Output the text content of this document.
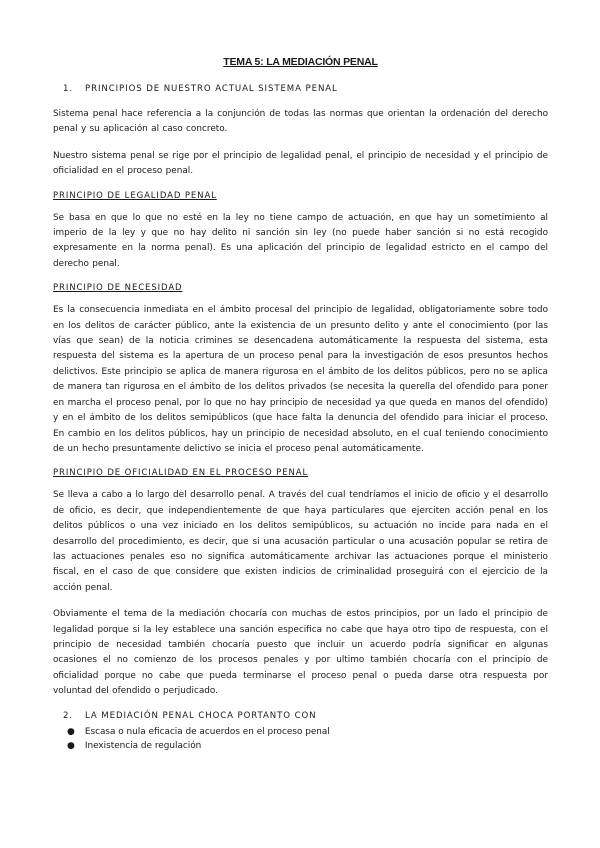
TEMA 5: LA MEDIACIÓN PENAL
1. PRINCIPIOS DE NUESTRO ACTUAL SISTEMA PENAL

Sistema penal hace referencia a la conjunción de todas las normas que orientan la ordenación del derecho penal y su aplicación al caso concreto.

Nuestro sistema penal se rige por el principio de legalidad penal, el principio de necesidad y el principio de oficialidad en el proceso penal.

PRINCIPIO DE LEGALIDAD PENAL

Se basa en que lo que no esté en la ley no tiene campo de actuación, en que hay un sometimiento al imperio de la ley y que no hay delito ni sanción sin ley (no puede haber sanción si no está recogido expresamente en la norma penal). Es una aplicación del principio de legalidad estricto en el campo del derecho penal.

PRINCIPIO DE NECESIDAD

Es la consecuencia inmediata en el ámbito procesal del principio de legalidad, obligatoriamente sobre todo en los delitos de carácter público, ante la existencia de un presunto delito y ante el conocimiento (por las vías que sean) de la noticia crimines se desencadena automáticamente la respuesta del sistema, esta respuesta del sistema es la apertura de un proceso penal para la investigación de esos presuntos hechos delictivos. Este principio se aplica de manera rigurosa en el ámbito de los delitos públicos, pero no se aplica de manera tan rigurosa en el ámbito de los delitos privados (se necesita la querella del ofendido para poner en marcha el proceso penal, por lo que no hay principio de necesidad ya que queda en manos del ofendido) y en el ámbito de los delitos semipúblicos (que hace falta la denuncia del ofendido para iniciar el proceso. En cambio en los delitos públicos, hay un principio de necesidad absoluto, en el cual teniendo conocimiento de un hecho presuntamente delictivo se inicia el proceso penal automáticamente.

PRINCIPIO DE OFICIALIDAD EN EL PROCESO PENAL

Se lleva a cabo a lo largo del desarrollo penal. A través del cual tendríamos el inicio de oficio y el desarrollo de oficio, es decir, que independientemente de que haya particulares que ejerciten acción penal en los delitos públicos o una vez iniciado en los delitos semipúblicos, su actuación no incide para nada en el desarrollo del procedimiento, es decir, que si una acusación particular o una acusación popular se retira de las actuaciones penales eso no significa automáticamente archivar las actuaciones porque el ministerio fiscal, en el caso de que considere que existen indicios de criminalidad proseguirá con el ejercicio de la acción penal.

Obviamente el tema de la mediación chocaría con muchas de estos principios, por un lado el principio de legalidad porque si la ley establece una sanción especifica no cabe que haya otro tipo de respuesta, con el principio de necesidad también chocaría puesto que incluir un acuerdo podría significar en algunas ocasiones el no comienzo de los procesos penales y por ultimo también chocaría con el principio de oficialidad porque no cabe que pueda terminarse el proceso penal o pueda darse otra respuesta por voluntad del ofendido o perjudicado.

2. LA MEDIACIÓN PENAL CHOCA PORTANTO CON
● Escasa o nula eficacia de acuerdos en el proceso penal
● Inexistencia de regulación
